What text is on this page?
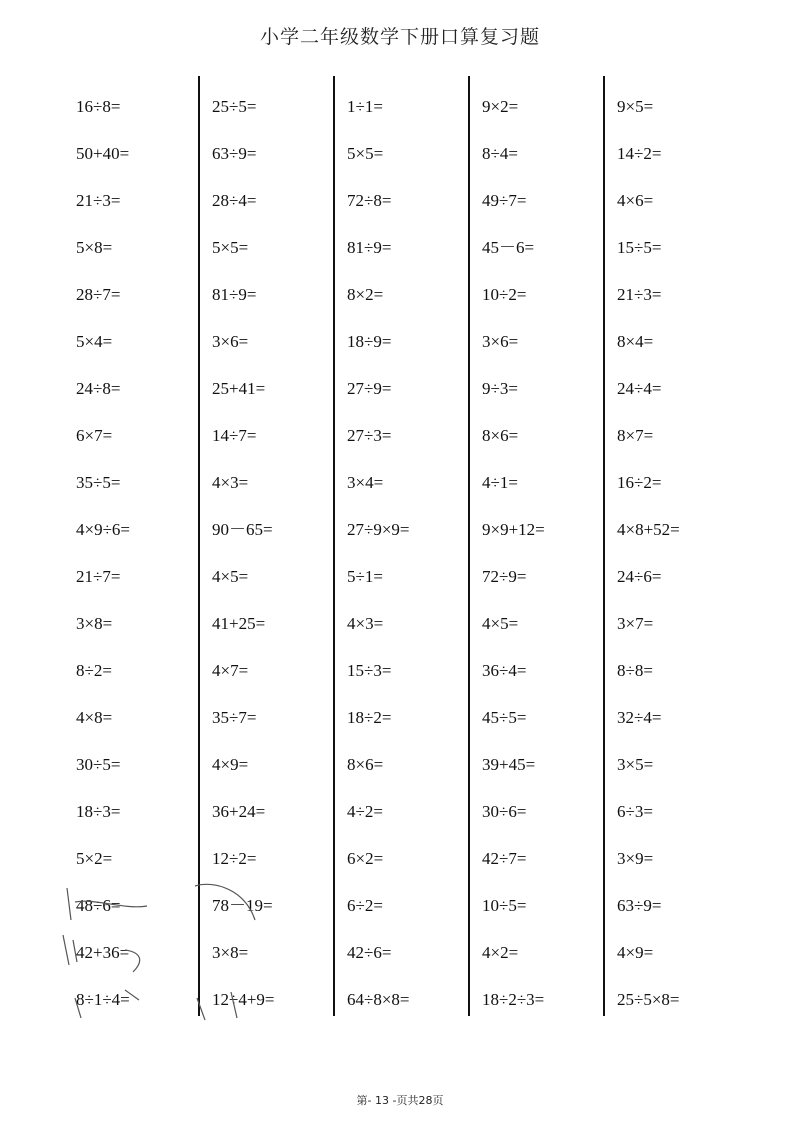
小学二年级数学下册口算复习题
16÷8=
50+40=
21÷3=
5×8=
28÷7=
5×4=
24÷8=
6×7=
35÷5=
4×9÷6=
21÷7=
3×8=
8÷2=
4×8=
30÷5=
18÷3=
5×2=
48÷6=
42+36=
8÷1÷4=
25÷5=
63÷9=
28÷4=
5×5=
81÷9=
3×6=
25+41=
14÷7=
4×3=
90－65=
4×5=
41+25=
4×7=
35÷7=
4×9=
36+24=
12÷2=
78－19=
3×8=
12÷4+9=
1÷1=
5×5=
72÷8=
81÷9=
8×2=
18÷9=
27÷9=
27÷3=
3×4=
27÷9×9=
5÷1=
4×3=
15÷3=
18÷2=
8×6=
4÷2=
6×2=
6÷2=
42÷6=
64÷8×8=
9×2=
8÷4=
49÷7=
45－6=
10÷2=
3×6=
9÷3=
8×6=
4÷1=
9×9+12=
72÷9=
4×5=
36÷4=
45÷5=
39+45=
30÷6=
42÷7=
10÷5=
4×2=
18÷2÷3=
9×5=
14÷2=
4×6=
15÷5=
21÷3=
8×4=
24÷4=
8×7=
16÷2=
4×8+52=
24÷6=
3×7=
8÷8=
32÷4=
3×5=
6÷3=
3×9=
63÷9=
4×9=
25÷5×8=
第- 13 -页共28页
